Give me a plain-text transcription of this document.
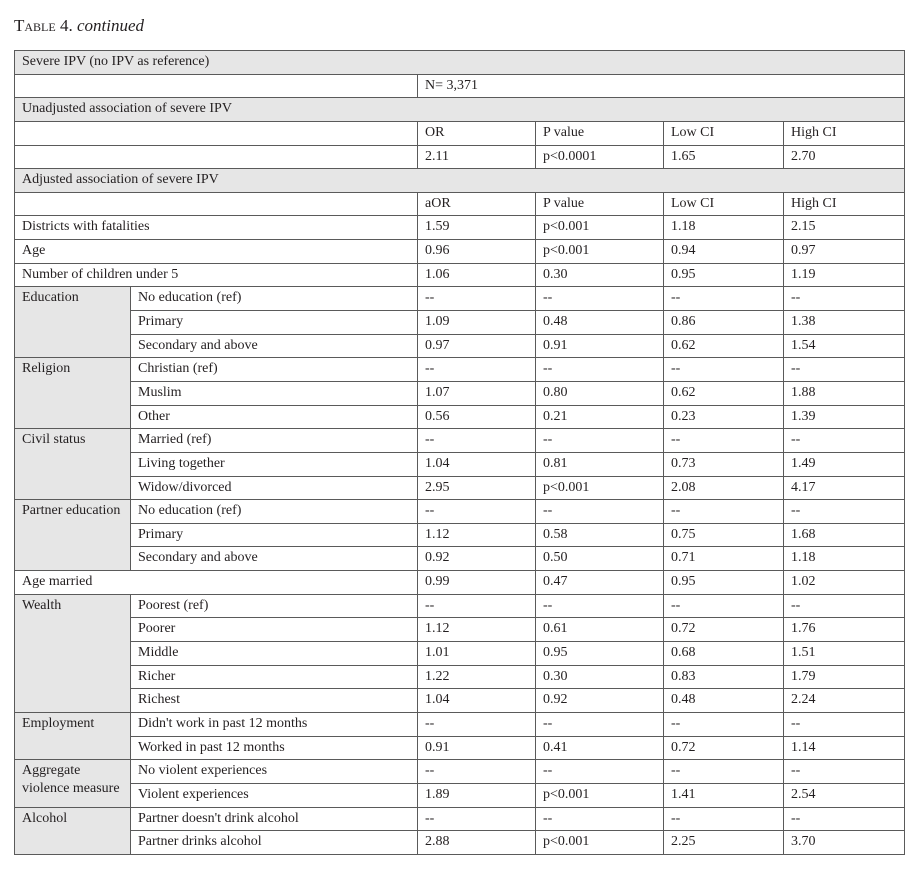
Table 4. continued
Severe IPV (no IPV as reference)					
		N= 3,371			
Unadjusted association of severe IPV					
		OR	P value	Low CI	High CI
		2.11	p<0.0001	1.65	2.70
Adjusted association of severe IPV					
		aOR	P value	Low CI	High CI
Districts with fatalities		1.59	p<0.001	1.18	2.15
Age		0.96	p<0.001	0.94	0.97
Number of children under 5		1.06	0.30	0.95	1.19
Education	No education (ref)	--	--	--	--
	Primary	1.09	0.48	0.86	1.38
	Secondary and above	0.97	0.91	0.62	1.54
Religion	Christian (ref)	--	--	--	--
	Muslim	1.07	0.80	0.62	1.88
	Other	0.56	0.21	0.23	1.39
Civil status	Married (ref)	--	--	--	--
	Living together	1.04	0.81	0.73	1.49
	Widow/divorced	2.95	p<0.001	2.08	4.17
Partner education	No education (ref)	--	--	--	--
	Primary	1.12	0.58	0.75	1.68
	Secondary and above	0.92	0.50	0.71	1.18
Age married		0.99	0.47	0.95	1.02
Wealth	Poorest (ref)	--	--	--	--
	Poorer	1.12	0.61	0.72	1.76
	Middle	1.01	0.95	0.68	1.51
	Richer	1.22	0.30	0.83	1.79
	Richest	1.04	0.92	0.48	2.24
Employment	Didn't work in past 12 months	--	--	--	--
	Worked in past 12 months	0.91	0.41	0.72	1.14
Aggregate violence measure	No violent experiences	--	--	--	--
	Violent experiences	1.89	p<0.001	1.41	2.54
Alcohol	Partner doesn't drink alcohol	--	--	--	--
	Partner drinks alcohol	2.88	p<0.001	2.25	3.70
